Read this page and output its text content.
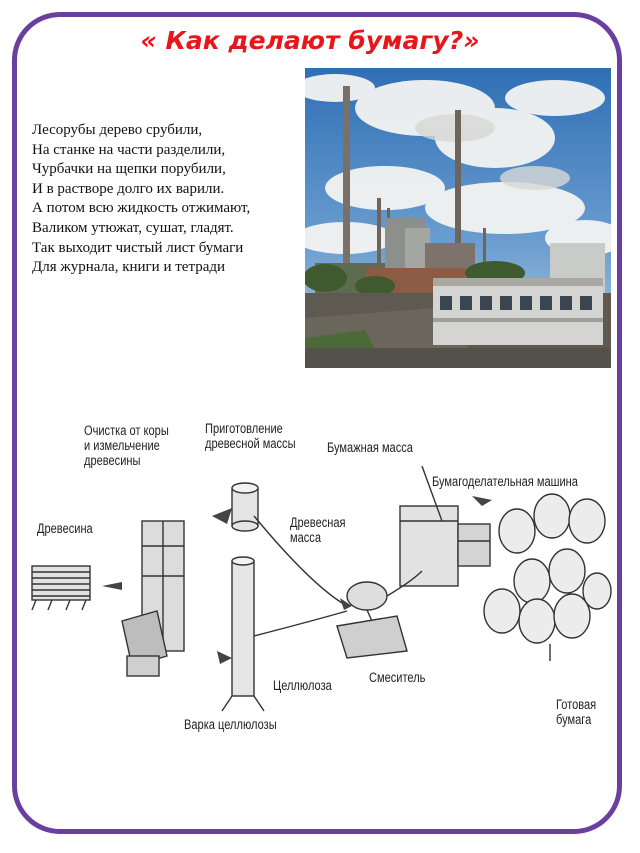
« Как делают бумагу?»
Лесорубы дерево срубили,
На станке на части разделили,
Чурбачки на щепки порубили,
И в растворе долго их варили.
А потом всю жидкость отжимают,
Валиком утюжат, сушат, гладят.
Так выходит чистый лист бумаги
Для журнала, книги и тетради
Очистка от коры
и измельчение
древесины
Приготовление
древесной массы Бумажная масса
Бумагоделательная машина
Древесина	Древесная
масса
Целлюлоза
Смеситель
Варка целлюлозы
Готовая
бумага
